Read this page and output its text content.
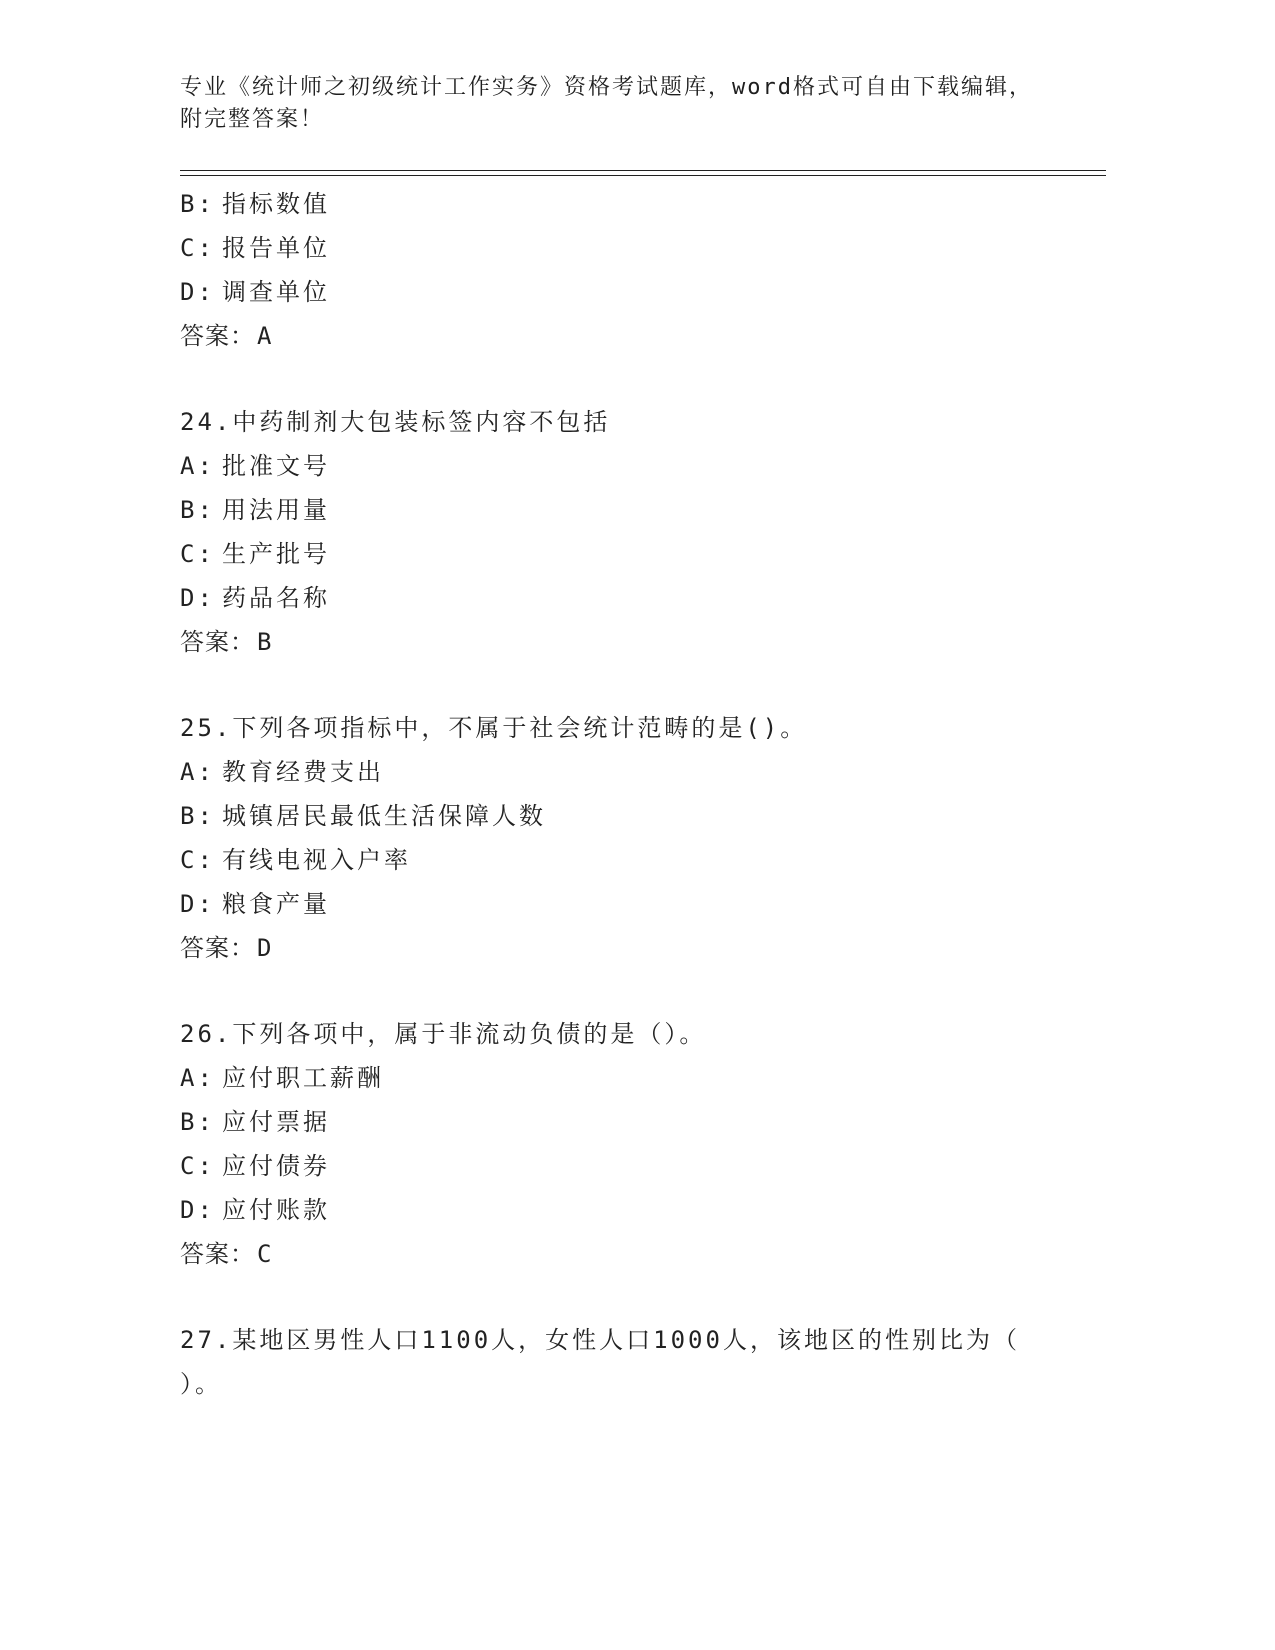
专业《统计师之初级统计工作实务》资格考试题库，word格式可自由下载编辑，
附完整答案！
B: 指标数值
C: 报告单位
D: 调查单位
答案：A
24.中药制剂大包装标签内容不包括
A: 批准文号
B: 用法用量
C: 生产批号
D: 药品名称
答案：B
25.下列各项指标中，不属于社会统计范畴的是()。
A: 教育经费支出
B: 城镇居民最低生活保障人数
C: 有线电视入户率
D: 粮食产量
答案：D
26.下列各项中，属于非流动负债的是（）。
A: 应付职工薪酬
B: 应付票据
C: 应付债券
D: 应付账款
答案：C
27.某地区男性人口1100人，女性人口1000人，该地区的性别比为（
）。
